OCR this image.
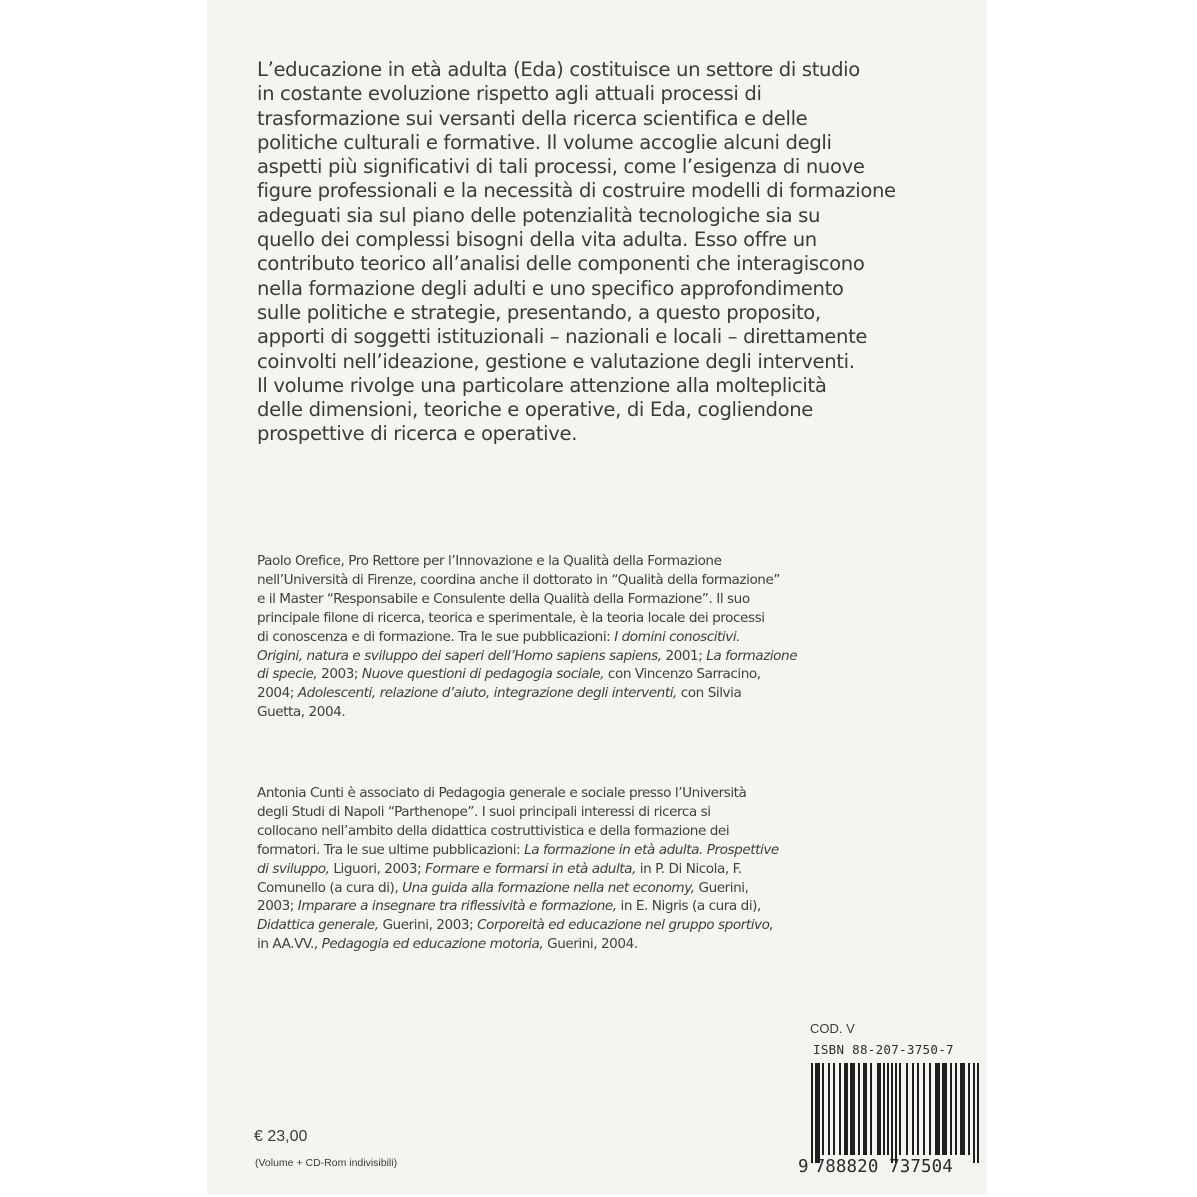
L’educazione in età adulta (Eda) costituisce un settore di studio
in costante evoluzione rispetto agli attuali processi di
trasformazione sui versanti della ricerca scientifica e delle
politiche culturali e formative. Il volume accoglie alcuni degli
aspetti più significativi di tali processi, come l’esigenza di nuove
figure professionali e la necessità di costruire modelli di formazione
adeguati sia sul piano delle potenzialità tecnologiche sia su
quello dei complessi bisogni della vita adulta. Esso offre un
contributo teorico all’analisi delle componenti che interagiscono
nella formazione degli adulti e uno specifico approfondimento
sulle politiche e strategie, presentando, a questo proposito,
apporti di soggetti istituzionali – nazionali e locali – direttamente
coinvolti nell’ideazione, gestione e valutazione degli interventi.
Il volume rivolge una particolare attenzione alla molteplicità
delle dimensioni, teoriche e operative, di Eda, cogliendone
prospettive di ricerca e operative.
Paolo Orefice, Pro Rettore per l’Innovazione e la Qualità della Formazione
nell’Università di Firenze, coordina anche il dottorato in “Qualità della formazione”
e il Master “Responsabile e Consulente della Qualità della Formazione”. Il suo
principale filone di ricerca, teorica e sperimentale, è la teoria locale dei processi
di conoscenza e di formazione. Tra le sue pubblicazioni: I domini conoscitivi.
Origini, natura e sviluppo dei saperi dell’Homo sapiens sapiens, 2001; La formazione
di specie, 2003; Nuove questioni di pedagogia sociale, con Vincenzo Sarracino,
2004; Adolescenti, relazione d’aiuto, integrazione degli interventi, con Silvia
Guetta, 2004.
Antonia Cunti è associato di Pedagogia generale e sociale presso l’Università
degli Studi di Napoli “Parthenope”. I suoi principali interessi di ricerca si
collocano nell’ambito della didattica costruttivistica e della formazione dei
formatori. Tra le sue ultime pubblicazioni: La formazione in età adulta. Prospettive
di sviluppo, Liguori, 2003; Formare e formarsi in età adulta, in P. Di Nicola, F.
Comunello (a cura di), Una guida alla formazione nella net economy, Guerini,
2003; Imparare a insegnare tra riflessività e formazione, in E. Nigris (a cura di),
Didattica generale, Guerini, 2003; Corporeità ed educazione nel gruppo sportivo,
in AA.VV., Pedagogia ed educazione motoria, Guerini, 2004.
€ 23,00
(Volume + CD-Rom indivisibili)
COD. V
ISBN 88-207-3750-7
9 788820 737504
